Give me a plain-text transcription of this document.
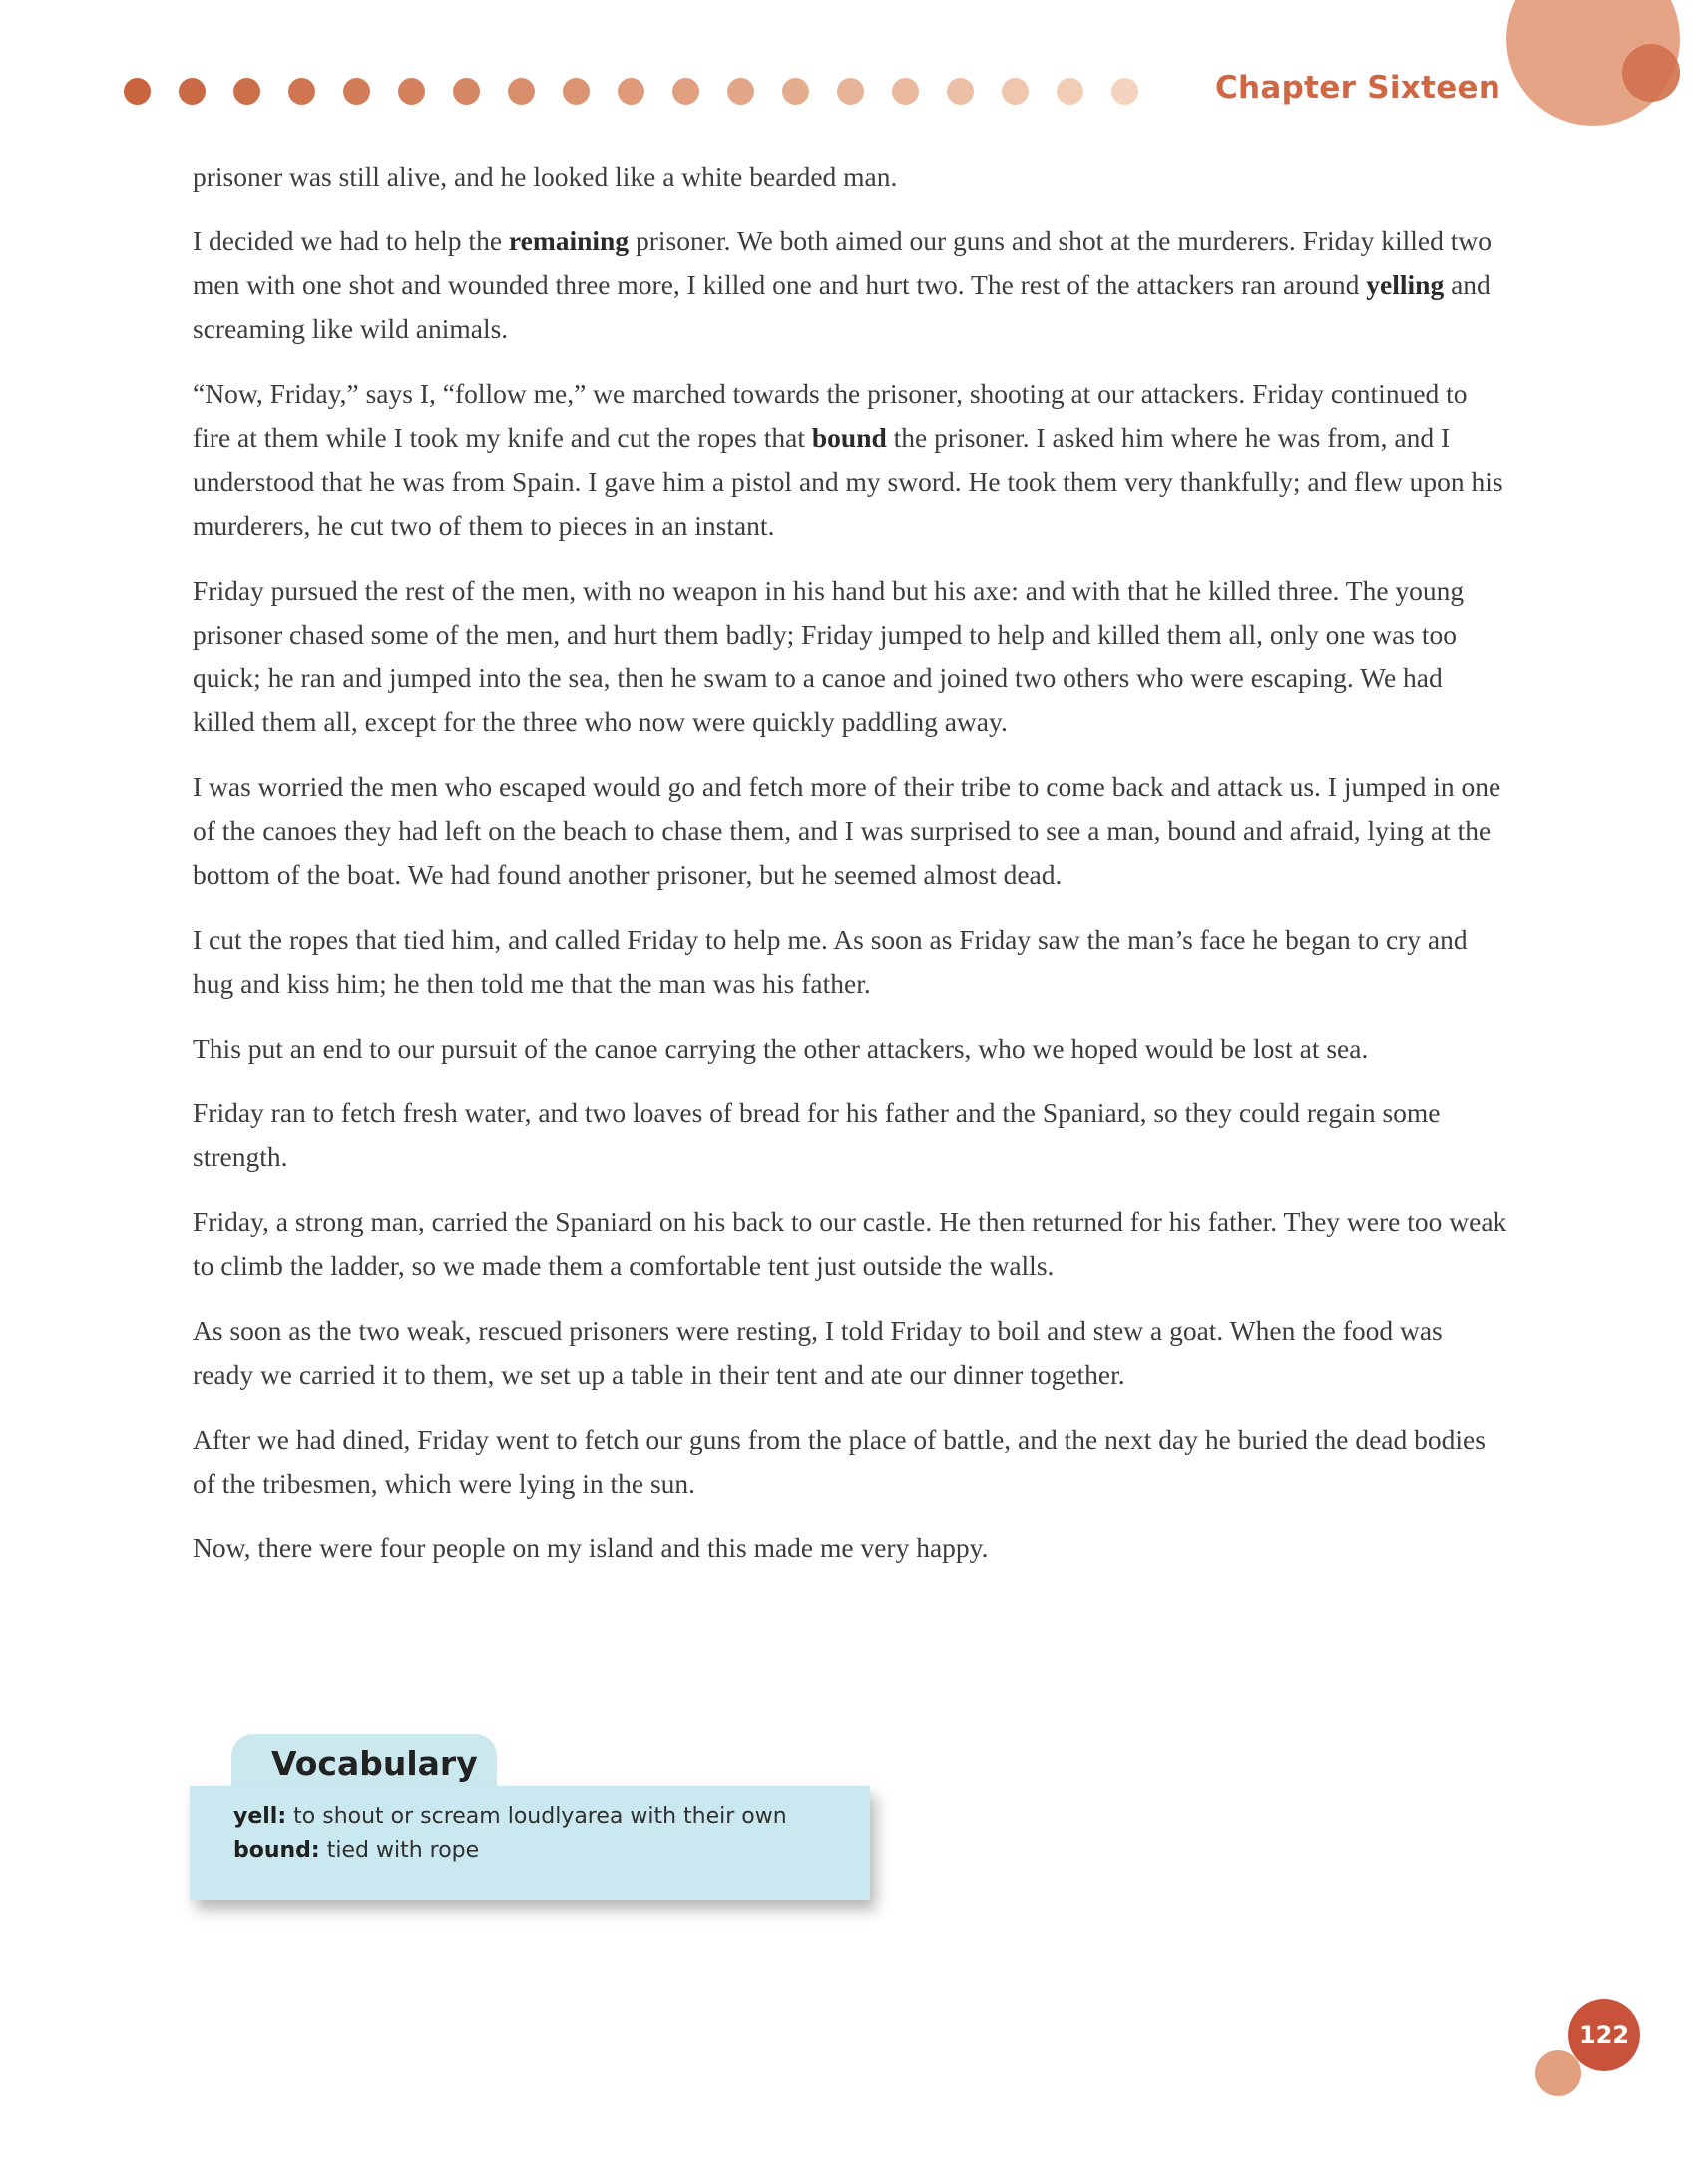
Chapter Sixteen

prisoner was still alive, and he looked like a white bearded man.

I decided we had to help the remaining prisoner. We both aimed our guns and shot at the murderers. Friday killed two men with one shot and wounded three more, I killed one and hurt two. The rest of the attackers ran around yelling and screaming like wild animals.

“Now, Friday,” says I, “follow me,” we marched towards the prisoner, shooting at our attackers. Friday continued to fire at them while I took my knife and cut the ropes that bound the prisoner. I asked him where he was from, and I understood that he was from Spain. I gave him a pistol and my sword. He took them very thankfully; and flew upon his murderers, he cut two of them to pieces in an instant.

Friday pursued the rest of the men, with no weapon in his hand but his axe: and with that he killed three. The young prisoner chased some of the men, and hurt them badly; Friday jumped to help and killed them all, only one was too quick; he ran and jumped into the sea, then he swam to a canoe and joined two others who were escaping. We had killed them all, except for the three who now were quickly paddling away.

I was worried the men who escaped would go and fetch more of their tribe to come back and attack us. I jumped in one of the canoes they had left on the beach to chase them, and I was surprised to see a man, bound and afraid, lying at the bottom of the boat. We had found another prisoner, but he seemed almost dead.

I cut the ropes that tied him, and called Friday to help me. As soon as Friday saw the man’s face he began to cry and hug and kiss him; he then told me that the man was his father.

This put an end to our pursuit of the canoe carrying the other attackers, who we hoped would be lost at sea.

Friday ran to fetch fresh water, and two loaves of bread for his father and the Spaniard, so they could regain some strength.

Friday, a strong man, carried the Spaniard on his back to our castle. He then returned for his father. They were too weak to climb the ladder, so we made them a comfortable tent just outside the walls.

As soon as the two weak, rescued prisoners were resting, I told Friday to boil and stew a goat. When the food was ready we carried it to them, we set up a table in their tent and ate our dinner together.

After we had dined, Friday went to fetch our guns from the place of battle, and the next day he buried the dead bodies of the tribesmen, which were lying in the sun.

Now, there were four people on my island and this made me very happy.

Vocabulary
yell: to shout or scream loudlyarea with their own
bound: tied with rope
122
